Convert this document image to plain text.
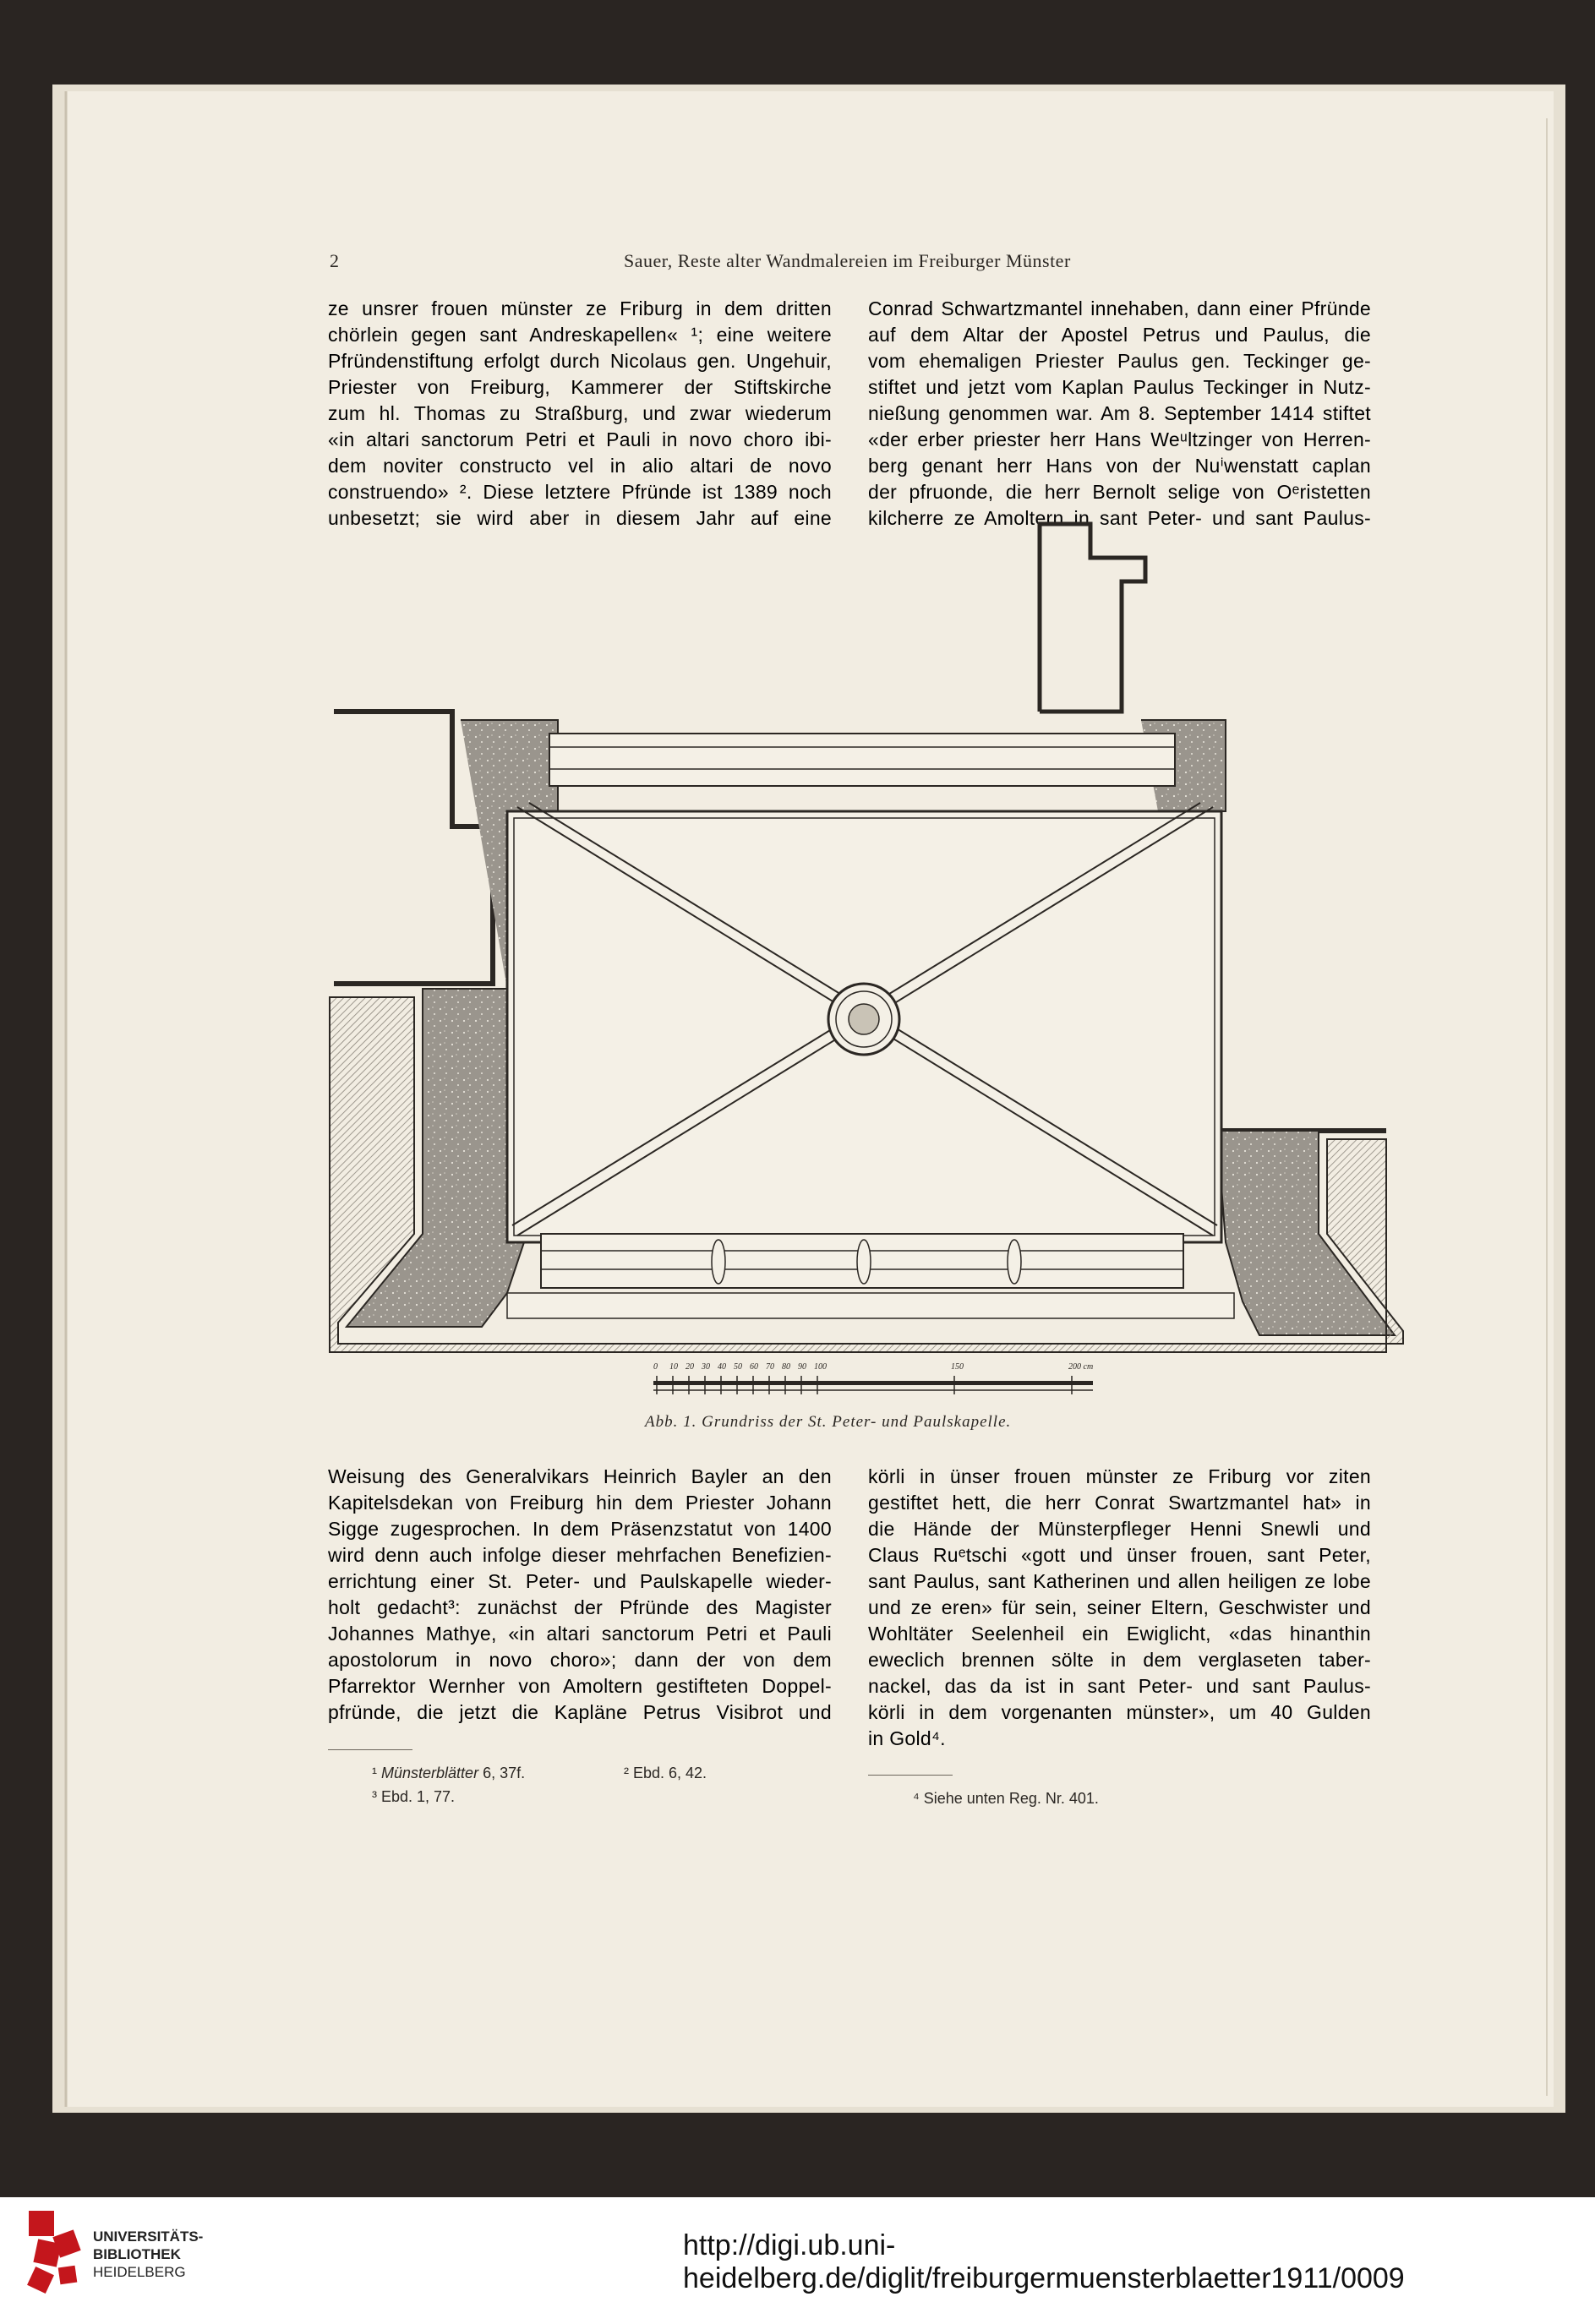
2	Sauer, Reste alter Wandmalereien im Freiburger Münster
ze unsrer frouen münster ze Friburg in dem dritten
chörlein gegen sant Andreskapellen« ¹; eine weitere
Pfründenstiftung erfolgt durch Nicolaus gen. Ungehuir,
Priester von Freiburg, Kammerer der Stiftskirche
zum hl. Thomas zu Straßburg, und zwar wiederum
«in altari sanctorum Petri et Pauli in novo choro ibi-
dem noviter constructo vel in alio altari de novo
construendo» ². Diese letztere Pfründe ist 1389 noch
unbesetzt; sie wird aber in diesem Jahr auf eine
Conrad Schwartzmantel innehaben, dann einer Pfründe
auf dem Altar der Apostel Petrus und Paulus, die
vom ehemaligen Priester Paulus gen. Teckinger ge-
stiftet und jetzt vom Kaplan Paulus Teckinger in Nutz-
nießung genommen war. Am 8. September 1414 stiftet
«der erber priester herr Hans Weᵘltzinger von Herren-
berg genant herr Hans von der Nuⁱwenstatt caplan
der pfruonde, die herr Bernolt selige von Oᵉristetten
kilcherre ze Amoltern in sant Peter- und sant Paulus-
0 10 20 30 40 50 60 70 80 90 100	150	200 cm
Abb. 1. Grundriss der St. Peter- und Paulskapelle.
Weisung des Generalvikars Heinrich Bayler an den
Kapitelsdekan von Freiburg hin dem Priester Johann
Sigge zugesprochen. In dem Präsenzstatut von 1400
wird denn auch infolge dieser mehrfachen Benefizien-
errichtung einer St. Peter- und Paulskapelle wieder-
holt gedacht³: zunächst der Pfründe des Magister
Johannes Mathye, «in altari sanctorum Petri et Pauli
apostolorum in novo choro»; dann der von dem
Pfarrektor Wernher von Amoltern gestifteten Doppel-
pfründe, die jetzt die Kapläne Petrus Visibrot und
körli in ünser frouen münster ze Friburg vor ziten
gestiftet hett, die herr Conrat Swartzmantel hat» in
die Hände der Münsterpfleger Henni Snewli und
Claus Ruᵉtschi «gott und ünser frouen, sant Peter,
sant Paulus, sant Katherinen und allen heiligen ze lobe
und ze eren» für sein, seiner Eltern, Geschwister und
Wohltäter Seelenheil ein Ewiglicht, «das hinanthin
eweclich brennen sölte in dem verglaseten taber-
nackel, das da ist in sant Peter- und sant Paulus-
körli in dem vorgenanten münster», um 40 Gulden
in Gold⁴.
¹ Münsterblätter 6, 37f.	² Ebd. 6, 42.
³ Ebd. 1, 77.	⁴ Siehe unten Reg. Nr. 401.
UNIVERSITÄTS-
BIBLIOTHEK
HEIDELBERG
http://digi.ub.uni-heidelberg.de/diglit/freiburgermuensterblaetter1911/0009
